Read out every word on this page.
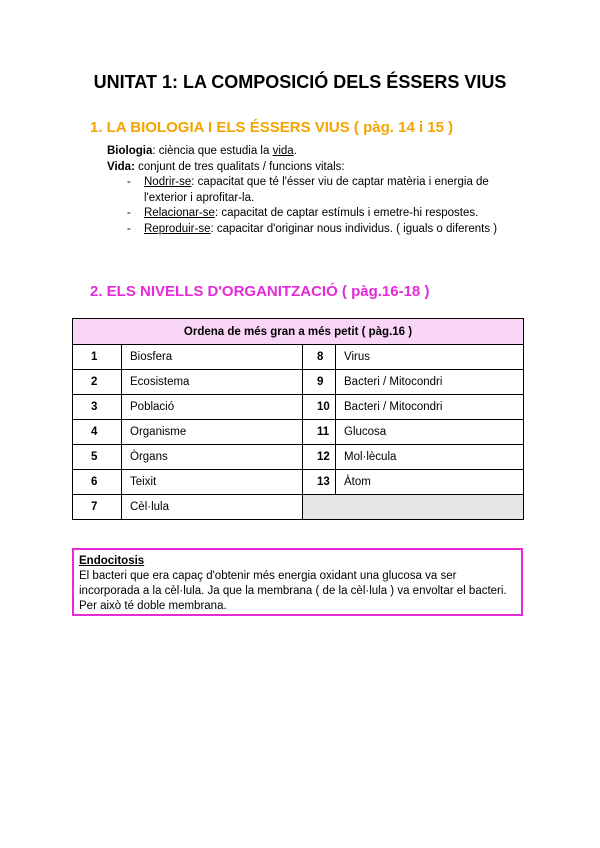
UNITAT 1: LA COMPOSICIÓ DELS ÉSSERS VIUS
1. LA BIOLOGIA I ELS ÉSSERS VIUS ( pàg. 14 i 15 )
Biologia: ciència que estudia la vida.
Vida: conjunt de tres qualitats / funcions vitals:
- Nodrir-se: capacitat que té l'ésser viu de captar matèria i energia de
l'exterior i aprofitar-la.
- Relacionar-se: capacitat de captar estímuls i emetre-hi respostes.
- Reproduir-se: capacitar d'originar nous individus. ( iguals o diferents )
2. ELS NIVELLS D'ORGANITZACIÓ ( pàg.16-18 )
Ordena de més gran a més petit ( pàg.16 )			
1	Biosfera	8	Virus
2	Ecosistema	9	Bacteri / Mitocondri
3	Població	10	Bacteri / Mitocondri
4	Organisme	11	Glucosa
5	Òrgans	12	Mol·lècula
6	Teixit	13	Àtom
7	Cèl·lula		
Endocitosis
El bacteri que era capaç d'obtenir més energia oxidant una glucosa va ser incorporada a la cèl·lula. Ja que la membrana ( de la cèl·lula ) va envoltar el bacteri. Per això té doble membrana.
